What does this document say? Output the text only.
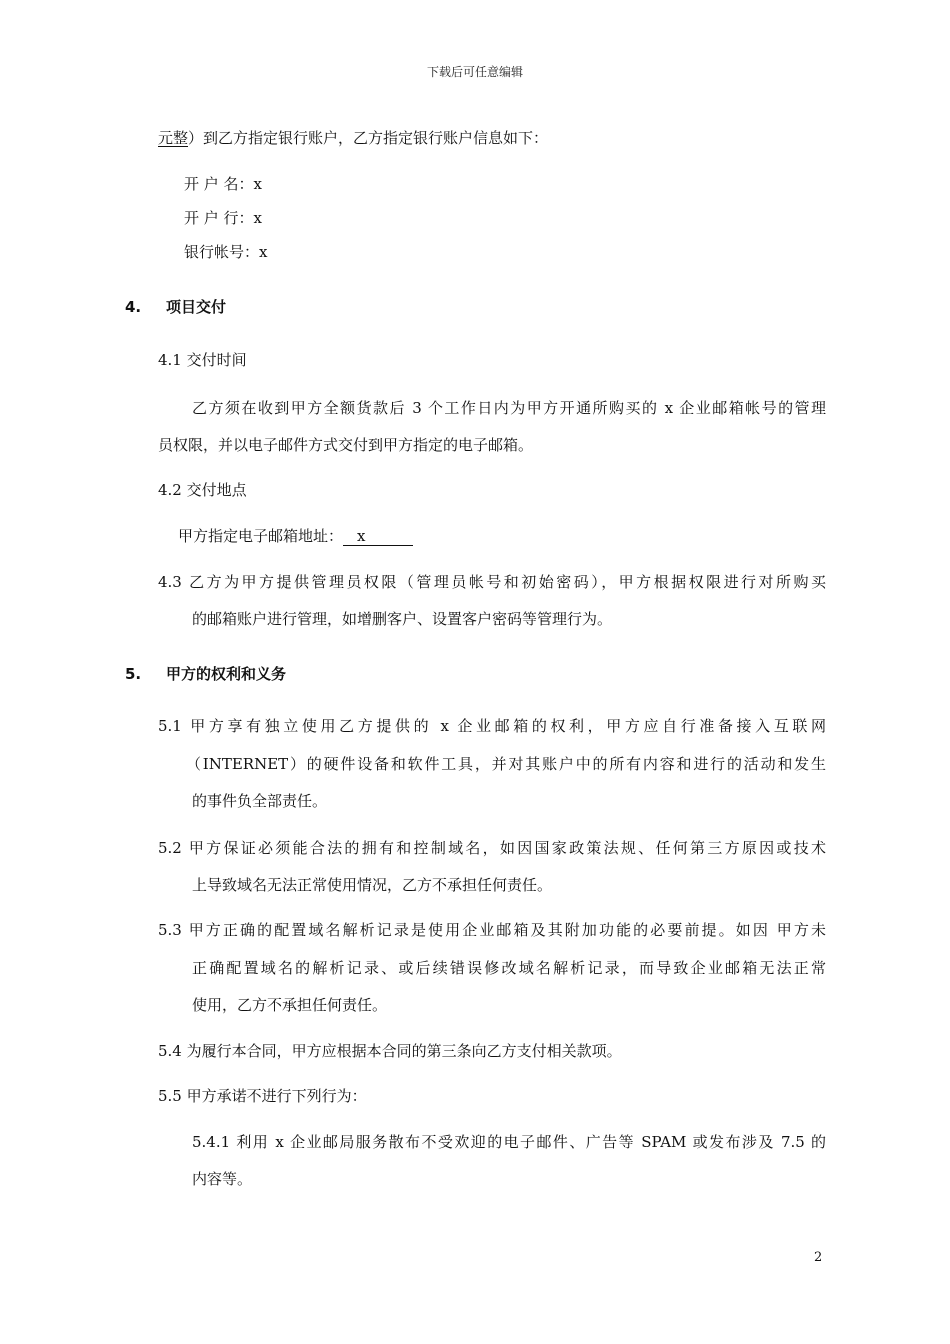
下载后可任意编辑
元整）到乙方指定银行账户，乙方指定银行账户信息如下：
开 户 名：x
开 户 行：x
银行帐号：x
4. 项目交付
4.1 交付时间
乙方须在收到甲方全额货款后 3 个工作日内为甲方开通所购买的 x 企业邮箱帐号的管理
员权限，并以电子邮件方式交付到甲方指定的电子邮箱。
4.2 交付地点
甲方指定电子邮箱地址： x
4.3 乙方为甲方提供管理员权限（管理员帐号和初始密码），甲方根据权限进行对所购买
的邮箱账户进行管理，如增删客户、设置客户密码等管理行为。
5. 甲方的权利和义务
5.1 甲方享有独立使用乙方提供的 x 企业邮箱的权利，甲方应自行准备接入互联网
（INTERNET）的硬件设备和软件工具，并对其账户中的所有内容和进行的活动和发生
的事件负全部责任。
5.2 甲方保证必须能合法的拥有和控制域名，如因国家政策法规、任何第三方原因或技术
上导致域名无法正常使用情况，乙方不承担任何责任。
5.3 甲方正确的配置域名解析记录是使用企业邮箱及其附加功能的必要前提。如因 甲方未
正确配置域名的解析记录、或后续错误修改域名解析记录，而导致企业邮箱无法正常
使用，乙方不承担任何责任。
5.4 为履行本合同，甲方应根据本合同的第三条向乙方支付相关款项。
5.5 甲方承诺不进行下列行为：
5.4.1 利用 x 企业邮局服务散布不受欢迎的电子邮件、广告等 SPAM 或发布涉及 7.5 的
内容等。
2
